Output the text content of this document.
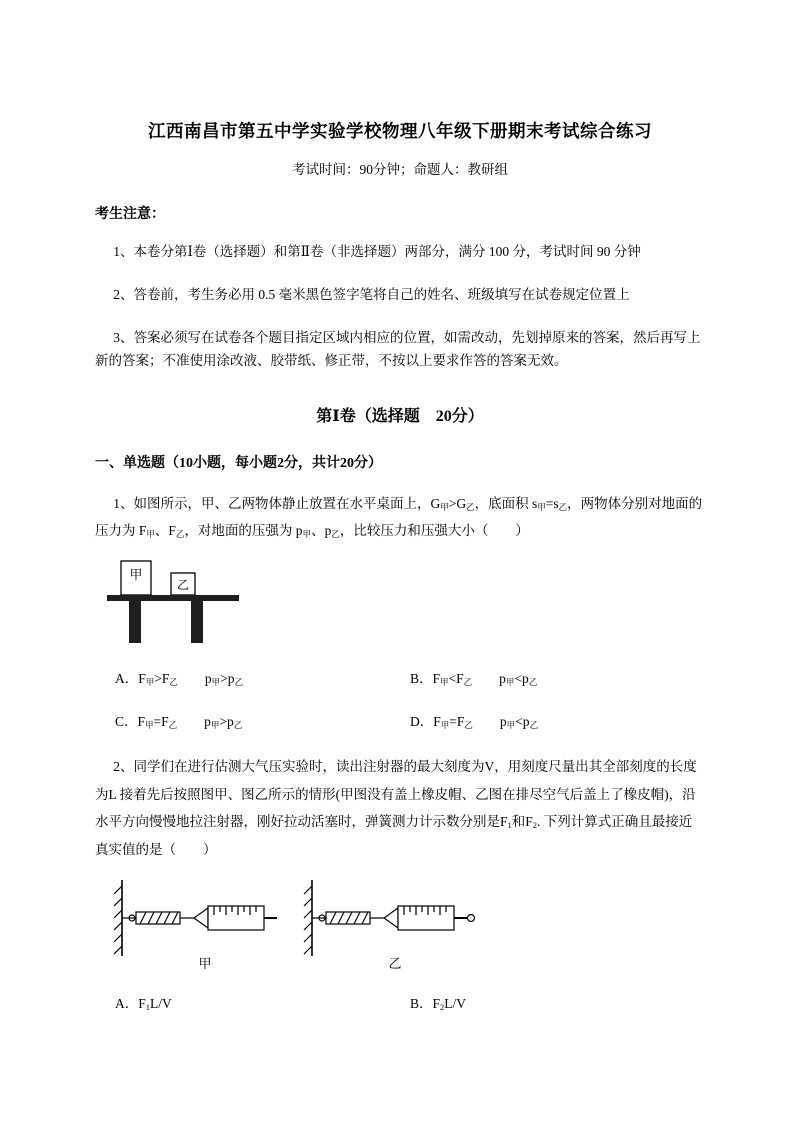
江西南昌市第五中学实验学校物理八年级下册期末考试综合练习

考试时间：90分钟；命题人：教研组

考生注意：

1、本卷分第Ⅰ卷（选择题）和第Ⅱ卷（非选择题）两部分，满分 100 分，考试时间 90 分钟

2、答卷前，考生务必用 0.5 毫米黑色签字笔将自己的姓名、班级填写在试卷规定位置上

3、答案必须写在试卷各个题目指定区域内相应的位置，如需改动，先划掉原来的答案，然后再写上新的答案；不准使用涂改液、胶带纸、修正带，不按以上要求作答的答案无效。

第Ⅰ卷（选择题　20分）
一、单选题（10小题，每小题2分，共计20分）

1、如图所示，甲、乙两物体静止放置在水平桌面上，$G_甲>G_乙$，底面积 $s_甲=s_乙$，两物体分别对地面的压力为 $F_甲$、$F_乙$，对地面的压强为 $p_甲$、$p_乙$，比较压力和压强大小（　　）

甲
乙
A．$F_甲>F_乙$　　$p_甲>p_乙$	B．$F_甲<F_乙$　　$p_甲<p_乙$
C．$F_甲=F_乙$　　$p_甲>p_乙$	D．$F_甲=F_乙$　　$p_甲<p_乙$

2、同学们在进行估测大气压实验时，读出注射器的最大刻度为V，用刻度尺量出其全部刻度的长度为L 接着先后按照图甲、图乙所示的情形(甲图没有盖上橡皮帽、乙图在排尽空气后盖上了橡皮帽)，沿水平方向慢慢地拉注射器，刚好拉动活塞时，弹簧测力计示数分别是$F_1$和$F_2$. 下列计算式正确且最接近真实值的是（　　）

甲	乙
A．$F_1L/V$	B．$F_2L/V$
